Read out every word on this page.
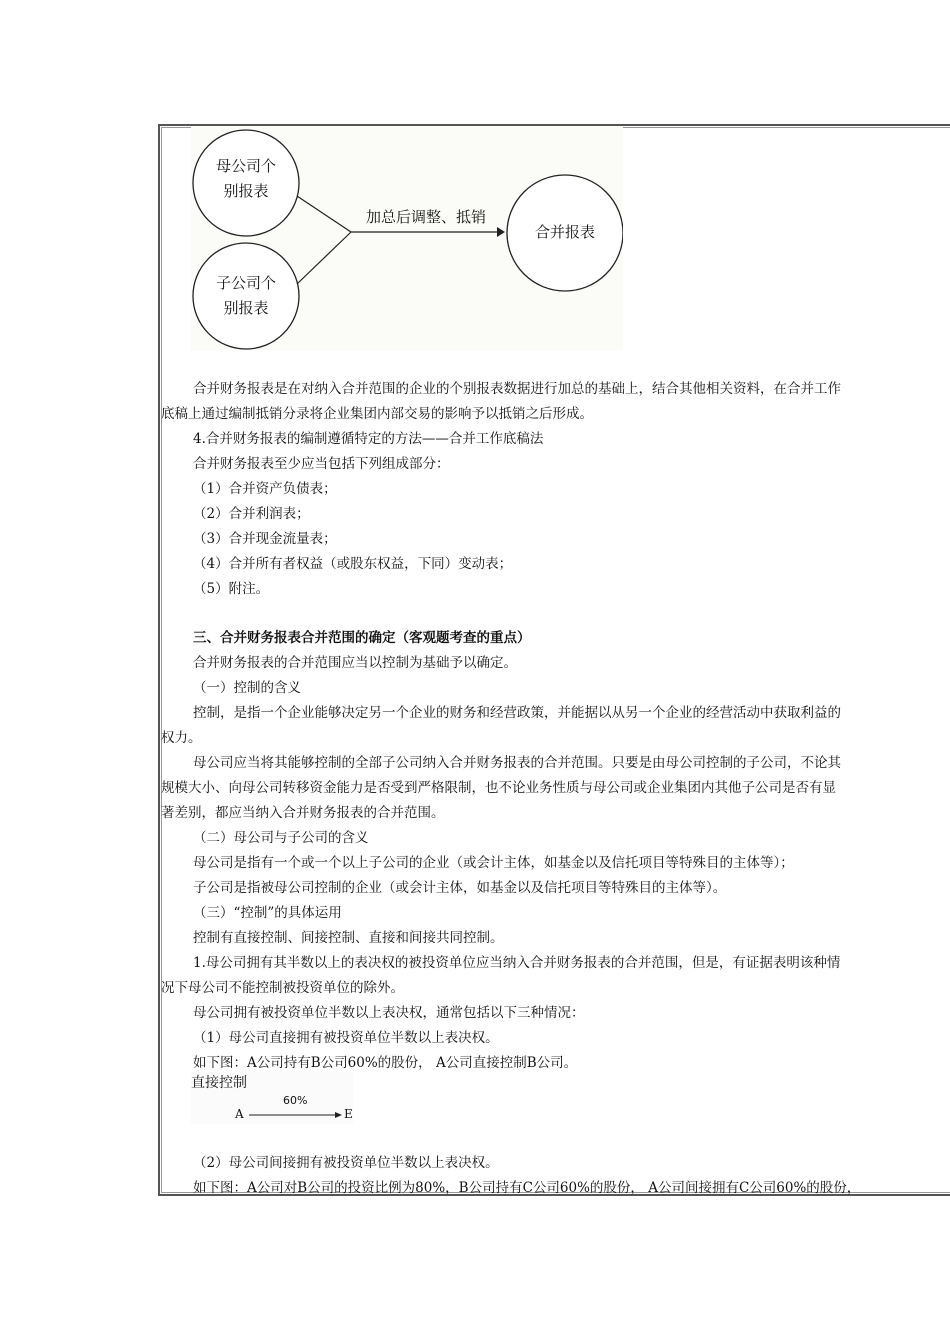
母公司个
别报表
子公司个
别报表
加总后调整、抵销
合并报表
合并财务报表是在对纳入合并范围的企业的个别报表数据进行加总的基础上，结合其他相关资料，在合并工作
底稿上通过编制抵销分录将企业集团内部交易的影响予以抵销之后形成。
4.合并财务报表的编制遵循特定的方法——合并工作底稿法
合并财务报表至少应当包括下列组成部分：
（1）合并资产负债表；
（2）合并利润表；
（3）合并现金流量表；
（4）合并所有者权益（或股东权益，下同）变动表；
（5）附注。
三、合并财务报表合并范围的确定（客观题考查的重点）
合并财务报表的合并范围应当以控制为基础予以确定。
（一）控制的含义
控制，是指一个企业能够决定另一个企业的财务和经营政策，并能据以从另一个企业的经营活动中获取利益的
权力。
母公司应当将其能够控制的全部子公司纳入合并财务报表的合并范围。只要是由母公司控制的子公司，不论其
规模大小、向母公司转移资金能力是否受到严格限制，也不论业务性质与母公司或企业集团内其他子公司是否有显
著差别，都应当纳入合并财务报表的合并范围。
（二）母公司与子公司的含义
母公司是指有一个或一个以上子公司的企业（或会计主体，如基金以及信托项目等特殊目的主体等）；
子公司是指被母公司控制的企业（或会计主体，如基金以及信托项目等特殊目的主体等）。
（三）“控制”的具体运用
控制有直接控制、间接控制、直接和间接共同控制。
1.母公司拥有其半数以上的表决权的被投资单位应当纳入合并财务报表的合并范围，但是，有证据表明该种情
况下母公司不能控制被投资单位的除外。
母公司拥有被投资单位半数以上表决权，通常包括以下三种情况：
（1）母公司直接拥有被投资单位半数以上表决权。
如下图：A公司持有B公司60%的股份， A公司直接控制B公司。
直接控制
60%
A	E
（2）母公司间接拥有被投资单位半数以上表决权。
如下图：A公司对B公司的投资比例为80%，B公司持有C公司60%的股份， A公司间接拥有C公司60%的股份，
